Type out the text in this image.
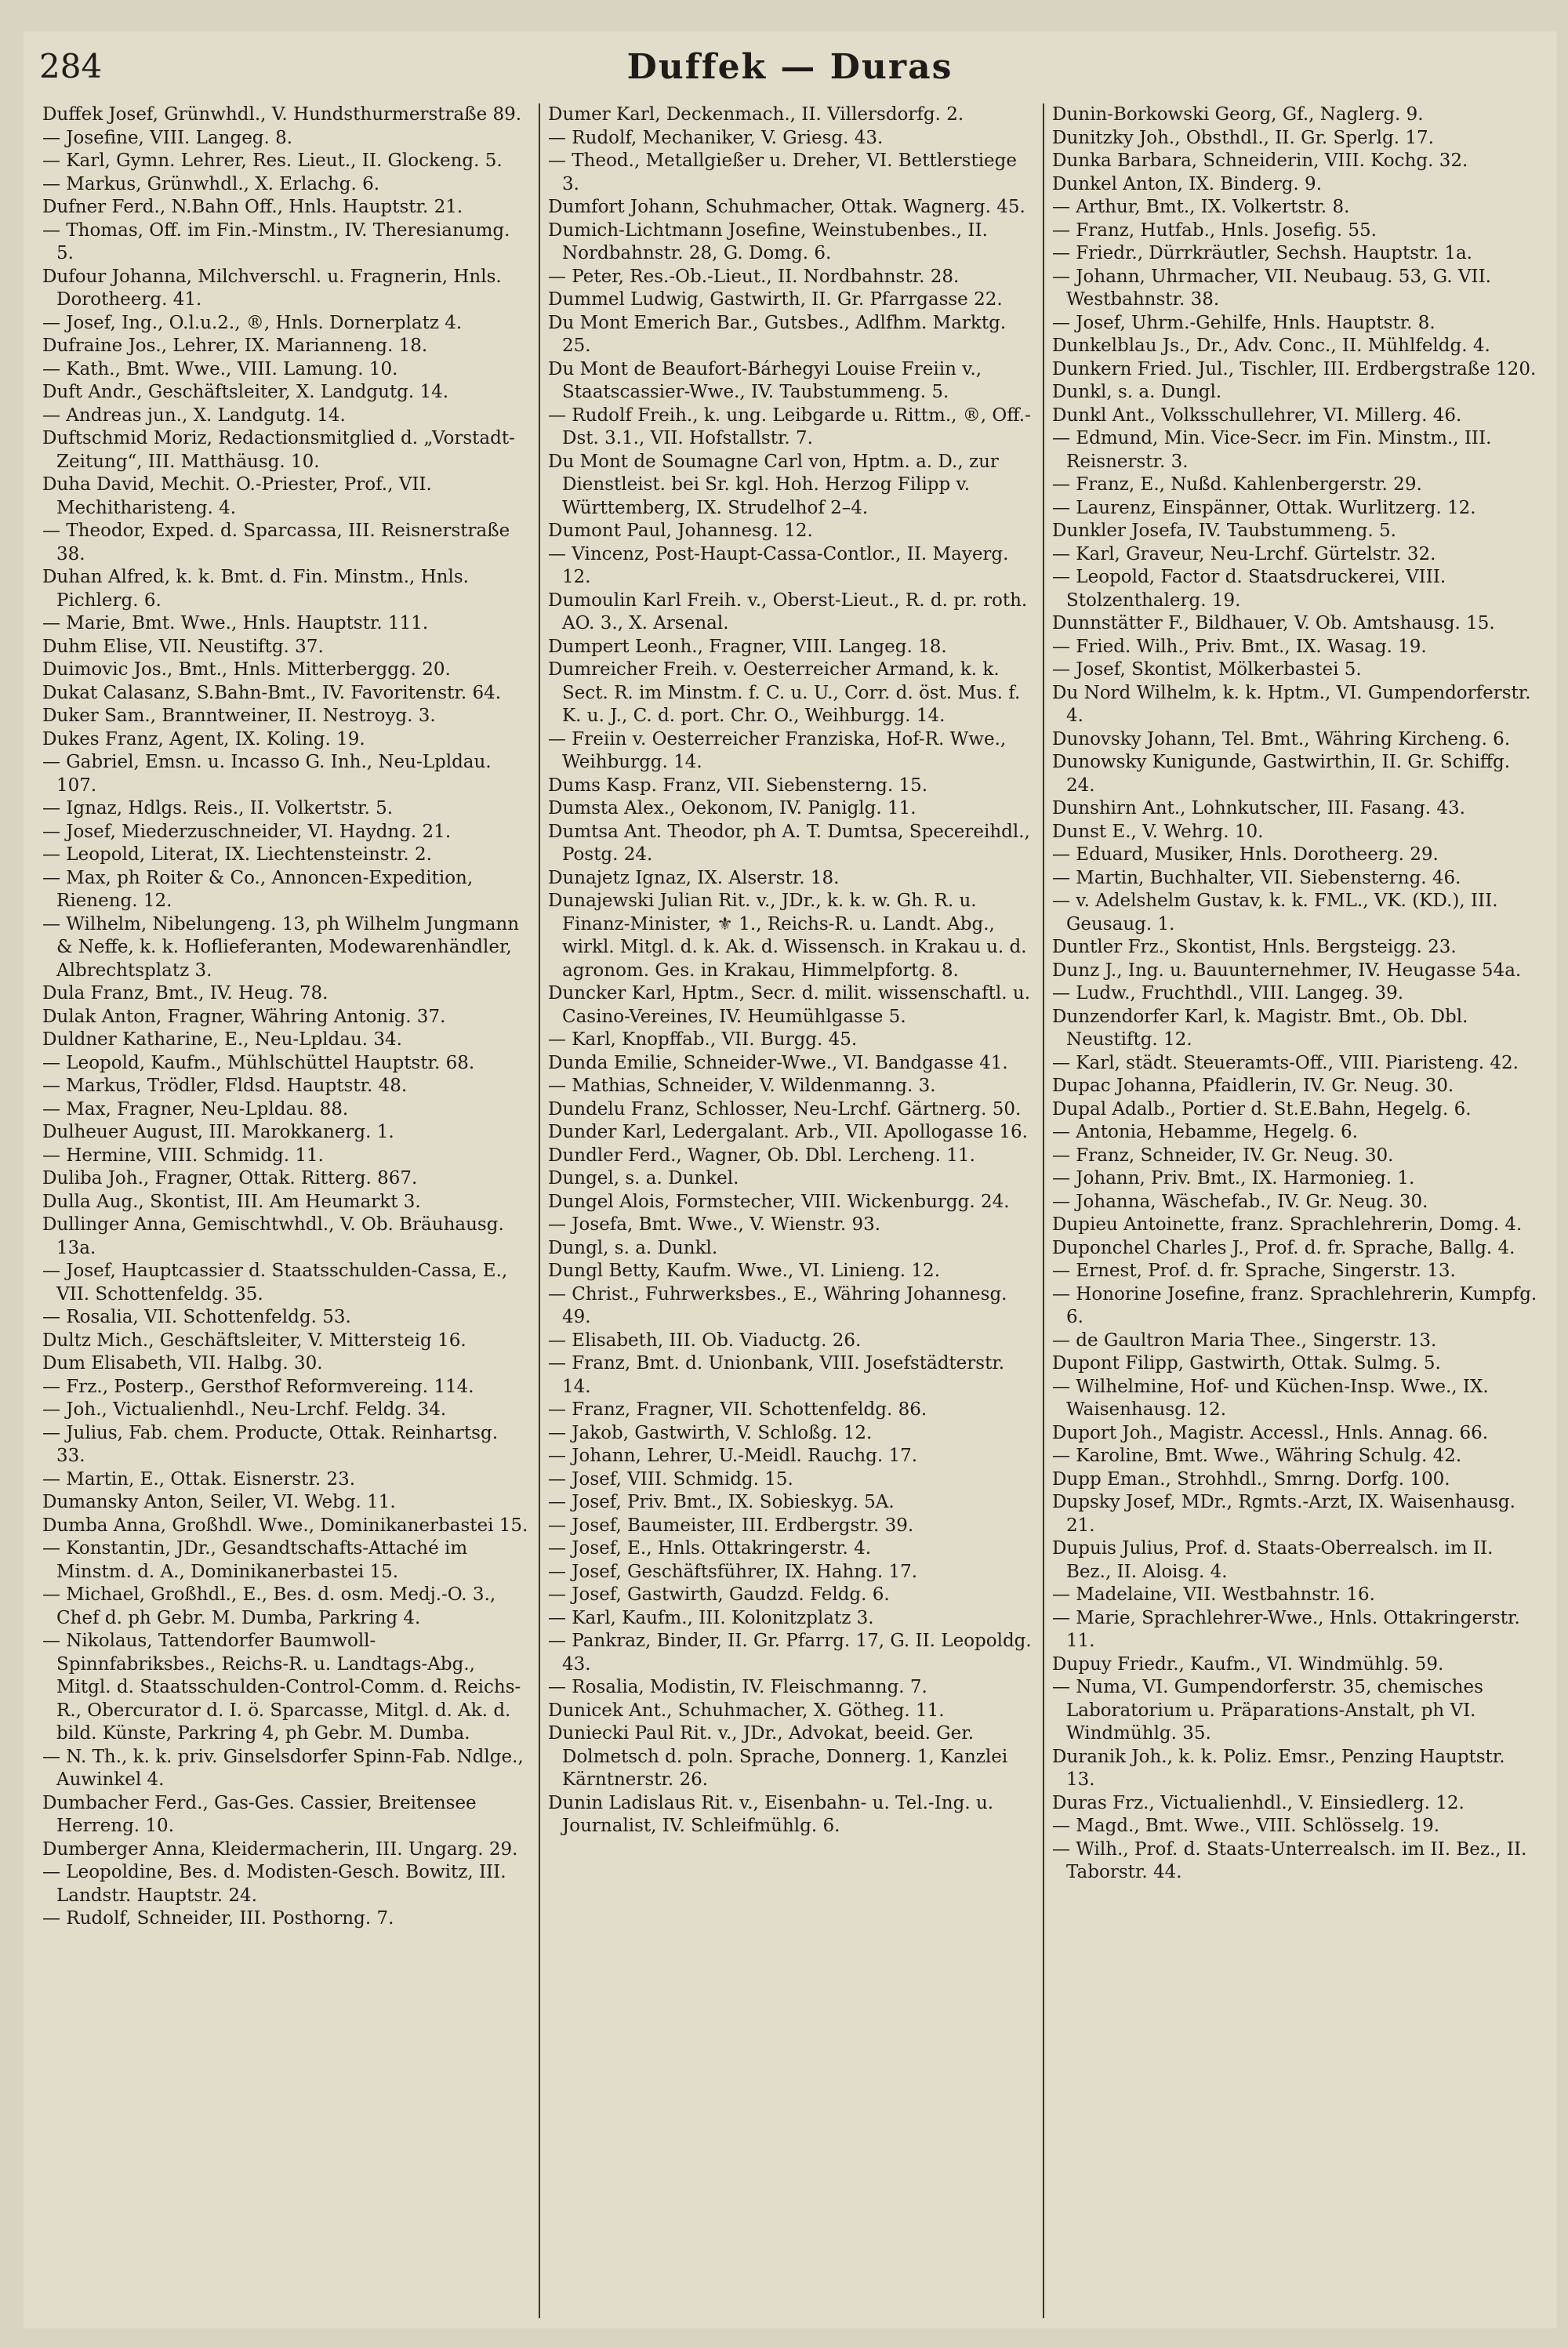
284	Duffek — Duras

Duffek Josef, Grünwhdl., V. Hundsthurmerstraße 89.

— Josefine, VIII. Langeg. 8.

— Karl, Gymn. Lehrer, Res. Lieut., II. Glockeng. 5.

— Markus, Grünwhdl., X. Erlachg. 6.

Dufner Ferd., N.Bahn Off., Hnls. Hauptstr. 21.

— Thomas, Off. im Fin.-Minstm., IV. Theresianumg. 5.

Dufour Johanna, Milchverschl. u. Fragnerin, Hnls. Dorotheerg. 41.

— Josef, Ing., O.l.u.2., ®, Hnls. Dornerplatz 4.

Dufraine Jos., Lehrer, IX. Marianneng. 18.

— Kath., Bmt. Wwe., VIII. Lamung. 10.

Duft Andr., Geschäftsleiter, X. Landgutg. 14.

— Andreas jun., X. Landgutg. 14.

Duftschmid Moriz, Redactionsmitglied d. „Vorstadt-Zeitung“, III. Matthäusg. 10.

Duha David, Mechit. O.-Priester, Prof., VII. Mechitharisteng. 4.

— Theodor, Exped. d. Sparcassa, III. Reisnerstraße 38.

Duhan Alfred, k. k. Bmt. d. Fin. Minstm., Hnls. Pichlerg. 6.

— Marie, Bmt. Wwe., Hnls. Hauptstr. 111.

Duhm Elise, VII. Neustiftg. 37.

Duimovic Jos., Bmt., Hnls. Mitterberggg. 20.

Dukat Calasanz, S.Bahn-Bmt., IV. Favoritenstr. 64.

Duker Sam., Branntweiner, II. Nestroyg. 3.

Dukes Franz, Agent, IX. Koling. 19.

— Gabriel, Emsn. u. Incasso G. Inh., Neu-Lpldau. 107.

— Ignaz, Hdlgs. Reis., II. Volkertstr. 5.

— Josef, Miederzuschneider, VI. Haydng. 21.

— Leopold, Literat, IX. Liechtensteinstr. 2.

— Max, ph Roiter & Co., Annoncen-Expedition, Rieneng. 12.

— Wilhelm, Nibelungeng. 13, ph Wilhelm Jungmann & Neffe, k. k. Hoflieferanten, Modewarenhändler, Albrechtsplatz 3.

Dula Franz, Bmt., IV. Heug. 78.

Dulak Anton, Fragner, Währing Antonig. 37.

Duldner Katharine, E., Neu-Lpldau. 34.

— Leopold, Kaufm., Mühlschüttel Hauptstr. 68.

— Markus, Trödler, Fldsd. Hauptstr. 48.

— Max, Fragner, Neu-Lpldau. 88.

Dulheuer August, III. Marokkanerg. 1.

— Hermine, VIII. Schmidg. 11.

Duliba Joh., Fragner, Ottak. Ritterg. 867.

Dulla Aug., Skontist, III. Am Heumarkt 3.

Dullinger Anna, Gemischtwhdl., V. Ob. Bräuhausg. 13a.

— Josef, Hauptcassier d. Staatsschulden-Cassa, E., VII. Schottenfeldg. 35.

— Rosalia, VII. Schottenfeldg. 53.

Dultz Mich., Geschäftsleiter, V. Mittersteig 16.

Dum Elisabeth, VII. Halbg. 30.

— Frz., Posterp., Gersthof Reformvereing. 114.

— Joh., Victualienhdl., Neu-Lrchf. Feldg. 34.

— Julius, Fab. chem. Producte, Ottak. Reinhartsg. 33.

— Martin, E., Ottak. Eisnerstr. 23.

Dumansky Anton, Seiler, VI. Webg. 11.

Dumba Anna, Großhdl. Wwe., Dominikanerbastei 15.

— Konstantin, JDr., Gesandtschafts-Attaché im Minstm. d. A., Dominikanerbastei 15.

— Michael, Großhdl., E., Bes. d. osm. Medj.-O. 3., Chef d. ph Gebr. M. Dumba, Parkring 4.

— Nikolaus, Tattendorfer Baumwoll-Spinnfabriksbes., Reichs-R. u. Landtags-Abg., Mitgl. d. Staatsschulden-Control-Comm. d. Reichs-R., Obercurator d. I. ö. Sparcasse, Mitgl. d. Ak. d. bild. Künste, Parkring 4, ph Gebr. M. Dumba.

— N. Th., k. k. priv. Ginselsdorfer Spinn-Fab. Ndlge., Auwinkel 4.

Dumbacher Ferd., Gas-Ges. Cassier, Breitensee Herreng. 10.

Dumberger Anna, Kleidermacherin, III. Ungarg. 29.

— Leopoldine, Bes. d. Modisten-Gesch. Bowitz, III. Landstr. Hauptstr. 24.

— Rudolf, Schneider, III. Posthorng. 7.

Dumer Karl, Deckenmach., II. Villersdorfg. 2.

— Rudolf, Mechaniker, V. Griesg. 43.

— Theod., Metallgießer u. Dreher, VI. Bettlerstiege 3.

Dumfort Johann, Schuhmacher, Ottak. Wagnerg. 45.

Dumich-Lichtmann Josefine, Weinstubenbes., II. Nordbahnstr. 28, G. Domg. 6.

— Peter, Res.-Ob.-Lieut., II. Nordbahnstr. 28.

Dummel Ludwig, Gastwirth, II. Gr. Pfarrgasse 22.

Du Mont Emerich Bar., Gutsbes., Adlfhm. Marktg. 25.

Du Mont de Beaufort-Bárhegyi Louise Freiin v., Staatscassier-Wwe., IV. Taubstummeng. 5.

— Rudolf Freih., k. ung. Leibgarde u. Rittm., ®, Off.-Dst. 3.1., VII. Hofstallstr. 7.

Du Mont de Soumagne Carl von, Hptm. a. D., zur Dienstleist. bei Sr. kgl. Hoh. Herzog Filipp v. Württemberg, IX. Strudelhof 2–4.

Dumont Paul, Johannesg. 12.

— Vincenz, Post-Haupt-Cassa-Contlor., II. Mayerg. 12.

Dumoulin Karl Freih. v., Oberst-Lieut., R. d. pr. roth. AO. 3., X. Arsenal.

Dumpert Leonh., Fragner, VIII. Langeg. 18.

Dumreicher Freih. v. Oesterreicher Armand, k. k. Sect. R. im Minstm. f. C. u. U., Corr. d. öst. Mus. f. K. u. J., C. d. port. Chr. O., Weihburgg. 14.

— Freiin v. Oesterreicher Franziska, Hof-R. Wwe., Weihburgg. 14.

Dums Kasp. Franz, VII. Siebensterng. 15.

Dumsta Alex., Oekonom, IV. Paniglg. 11.

Dumtsa Ant. Theodor, ph A. T. Dumtsa, Specereihdl., Postg. 24.

Dunajetz Ignaz, IX. Alserstr. 18.

Dunajewski Julian Rit. v., JDr., k. k. w. Gh. R. u. Finanz-Minister, ⚜ 1., Reichs-R. u. Landt. Abg., wirkl. Mitgl. d. k. Ak. d. Wissensch. in Krakau u. d. agronom. Ges. in Krakau, Himmelpfortg. 8.

Duncker Karl, Hptm., Secr. d. milit. wissenschaftl. u. Casino-Vereines, IV. Heumühlgasse 5.

— Karl, Knopffab., VII. Burgg. 45.

Dunda Emilie, Schneider-Wwe., VI. Bandgasse 41.

— Mathias, Schneider, V. Wildenmanng. 3.

Dundelu Franz, Schlosser, Neu-Lrchf. Gärtnerg. 50.

Dunder Karl, Ledergalant. Arb., VII. Apollogasse 16.

Dundler Ferd., Wagner, Ob. Dbl. Lercheng. 11.

Dungel, s. a. Dunkel.

Dungel Alois, Formstecher, VIII. Wickenburgg. 24.

— Josefa, Bmt. Wwe., V. Wienstr. 93.

Dungl, s. a. Dunkl.

Dungl Betty, Kaufm. Wwe., VI. Linieng. 12.

— Christ., Fuhrwerksbes., E., Währing Johannesg. 49.

— Elisabeth, III. Ob. Viaductg. 26.

— Franz, Bmt. d. Unionbank, VIII. Josefstädterstr. 14.

— Franz, Fragner, VII. Schottenfeldg. 86.

— Jakob, Gastwirth, V. Schloßg. 12.

— Johann, Lehrer, U.-Meidl. Rauchg. 17.

— Josef, VIII. Schmidg. 15.

— Josef, Priv. Bmt., IX. Sobieskyg. 5A.

— Josef, Baumeister, III. Erdbergstr. 39.

— Josef, E., Hnls. Ottakringerstr. 4.

— Josef, Geschäftsführer, IX. Hahng. 17.

— Josef, Gastwirth, Gaudzd. Feldg. 6.

— Karl, Kaufm., III. Kolonitzplatz 3.

— Pankraz, Binder, II. Gr. Pfarrg. 17, G. II. Leopoldg. 43.

— Rosalia, Modistin, IV. Fleischmanng. 7.

Dunicek Ant., Schuhmacher, X. Götheg. 11.

Duniecki Paul Rit. v., JDr., Advokat, beeid. Ger. Dolmetsch d. poln. Sprache, Donnerg. 1, Kanzlei Kärntnerstr. 26.

Dunin Ladislaus Rit. v., Eisenbahn- u. Tel.-Ing. u. Journalist, IV. Schleifmühlg. 6.

Dunin-Borkowski Georg, Gf., Naglerg. 9.

Dunitzky Joh., Obsthdl., II. Gr. Sperlg. 17.

Dunka Barbara, Schneiderin, VIII. Kochg. 32.

Dunkel Anton, IX. Binderg. 9.

— Arthur, Bmt., IX. Volkertstr. 8.

— Franz, Hutfab., Hnls. Josefig. 55.

— Friedr., Dürrkräutler, Sechsh. Hauptstr. 1a.

— Johann, Uhrmacher, VII. Neubaug. 53, G. VII. Westbahnstr. 38.

— Josef, Uhrm.-Gehilfe, Hnls. Hauptstr. 8.

Dunkelblau Js., Dr., Adv. Conc., II. Mühlfeldg. 4.

Dunkern Fried. Jul., Tischler, III. Erdbergstraße 120.

Dunkl, s. a. Dungl.

Dunkl Ant., Volksschullehrer, VI. Millerg. 46.

— Edmund, Min. Vice-Secr. im Fin. Minstm., III. Reisnerstr. 3.

— Franz, E., Nußd. Kahlenbergerstr. 29.

— Laurenz, Einspänner, Ottak. Wurlitzerg. 12.

Dunkler Josefa, IV. Taubstummeng. 5.

— Karl, Graveur, Neu-Lrchf. Gürtelstr. 32.

— Leopold, Factor d. Staatsdruckerei, VIII. Stolzenthalerg. 19.

Dunnstätter F., Bildhauer, V. Ob. Amtshausg. 15.

— Fried. Wilh., Priv. Bmt., IX. Wasag. 19.

— Josef, Skontist, Mölkerbastei 5.

Du Nord Wilhelm, k. k. Hptm., VI. Gumpendorferstr. 4.

Dunovsky Johann, Tel. Bmt., Währing Kircheng. 6.

Dunowsky Kunigunde, Gastwirthin, II. Gr. Schiffg. 24.

Dunshirn Ant., Lohnkutscher, III. Fasang. 43.

Dunst E., V. Wehrg. 10.

— Eduard, Musiker, Hnls. Dorotheerg. 29.

— Martin, Buchhalter, VII. Siebensterng. 46.

— v. Adelshelm Gustav, k. k. FML., VK. (KD.), III. Geusaug. 1.

Duntler Frz., Skontist, Hnls. Bergsteigg. 23.

Dunz J., Ing. u. Bauunternehmer, IV. Heugasse 54a.

— Ludw., Fruchthdl., VIII. Langeg. 39.

Dunzendorfer Karl, k. Magistr. Bmt., Ob. Dbl. Neustiftg. 12.

— Karl, städt. Steueramts-Off., VIII. Piaristeng. 42.

Dupac Johanna, Pfaidlerin, IV. Gr. Neug. 30.

Dupal Adalb., Portier d. St.E.Bahn, Hegelg. 6.

— Antonia, Hebamme, Hegelg. 6.

— Franz, Schneider, IV. Gr. Neug. 30.

— Johann, Priv. Bmt., IX. Harmonieg. 1.

— Johanna, Wäschefab., IV. Gr. Neug. 30.

Dupieu Antoinette, franz. Sprachlehrerin, Domg. 4.

Duponchel Charles J., Prof. d. fr. Sprache, Ballg. 4.

— Ernest, Prof. d. fr. Sprache, Singerstr. 13.

— Honorine Josefine, franz. Sprachlehrerin, Kumpfg. 6.

— de Gaultron Maria Thee., Singerstr. 13.

Dupont Filipp, Gastwirth, Ottak. Sulmg. 5.

— Wilhelmine, Hof- und Küchen-Insp. Wwe., IX. Waisenhausg. 12.

Duport Joh., Magistr. Accessl., Hnls. Annag. 66.

— Karoline, Bmt. Wwe., Währing Schulg. 42.

Dupp Eman., Strohhdl., Smrng. Dorfg. 100.

Dupsky Josef, MDr., Rgmts.-Arzt, IX. Waisenhausg. 21.

Dupuis Julius, Prof. d. Staats-Oberrealsch. im II. Bez., II. Aloisg. 4.

— Madelaine, VII. Westbahnstr. 16.

— Marie, Sprachlehrer-Wwe., Hnls. Ottakringerstr. 11.

Dupuy Friedr., Kaufm., VI. Windmühlg. 59.

— Numa, VI. Gumpendorferstr. 35, chemisches Laboratorium u. Präparations-Anstalt, ph VI. Windmühlg. 35.

Duranik Joh., k. k. Poliz. Emsr., Penzing Hauptstr. 13.

Duras Frz., Victualienhdl., V. Einsiedlerg. 12.

— Magd., Bmt. Wwe., VIII. Schlösselg. 19.

— Wilh., Prof. d. Staats-Unterrealsch. im II. Bez., II. Taborstr. 44.
